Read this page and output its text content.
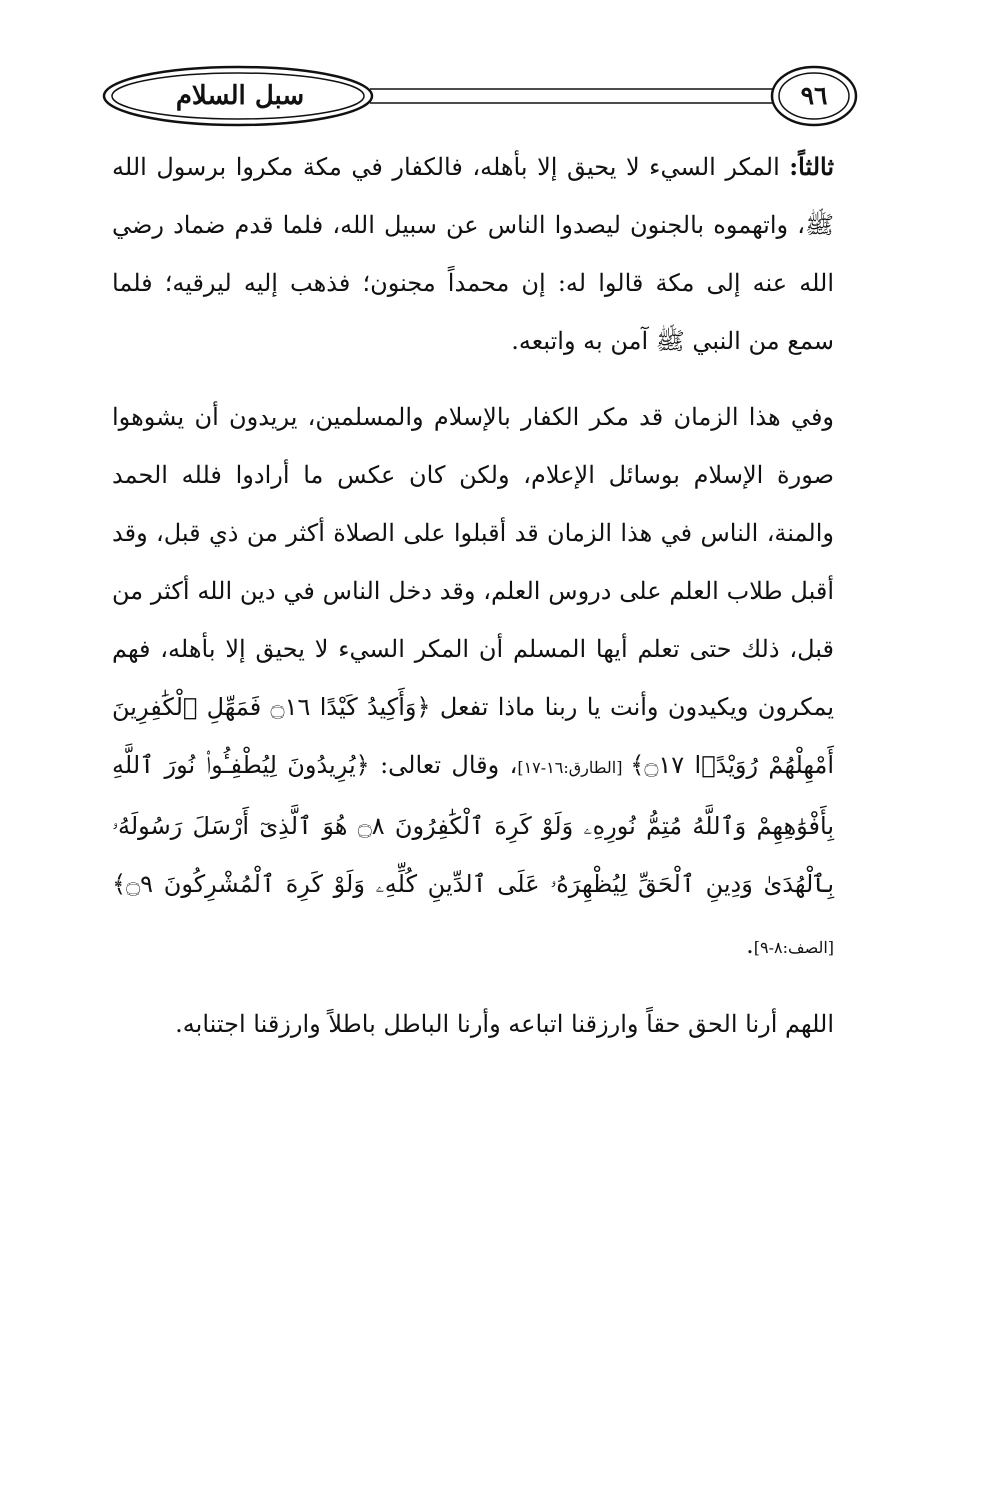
سبل السلام	٩٦

ثالثاً: المكر السيء لا يحيق إلا بأهله، فالكفار في مكة مكروا برسول الله ﷺ، واتهموه بالجنون ليصدوا الناس عن سبيل الله، فلما قدم ضماد رضي الله عنه إلى مكة قالوا له: إن محمداً مجنون؛ فذهب إليه ليرقيه؛ فلما سمع من النبي ﷺ آمن به واتبعه.

وفي هذا الزمان قد مكر الكفار بالإسلام والمسلمين، يريدون أن يشوهوا صورة الإسلام بوسائل الإعلام، ولكن كان عكس ما أرادوا فلله الحمد والمنة، الناس في هذا الزمان قد أقبلوا على الصلاة أكثر من ذي قبل، وقد أقبل طلاب العلم على دروس العلم، وقد دخل الناس في دين الله أكثر من قبل، ذلك حتى تعلم أيها المسلم أن المكر السيء لا يحيق إلا بأهله، فهم يمكرون ويكيدون وأنت يا ربنا ماذا تفعل ﴿وَأَكِيدُ كَيْدًا ۝١٦ فَمَهِّلِ ٱلْكَٰفِرِينَ أَمْهِلْهُمْ رُوَيْدًۢا ۝١٧﴾ [الطارق:١٦-١٧]، وقال تعالى: ﴿يُرِيدُونَ لِيُطْفِـُٔوا۟ نُورَ ٱللَّهِ بِأَفْوَٰهِهِمْ وَٱللَّهُ مُتِمُّ نُورِهِۦ وَلَوْ كَرِهَ ٱلْكَٰفِرُونَ ۝٨ هُوَ ٱلَّذِىٓ أَرْسَلَ رَسُولَهُۥ بِٱلْهُدَىٰ وَدِينِ ٱلْحَقِّ لِيُظْهِرَهُۥ عَلَى ٱلدِّينِ كُلِّهِۦ وَلَوْ كَرِهَ ٱلْمُشْرِكُونَ ۝٩﴾ [الصف:٨-٩].

اللهم أرنا الحق حقاً وارزقنا اتباعه وأرنا الباطل باطلاً وارزقنا اجتنابه.
